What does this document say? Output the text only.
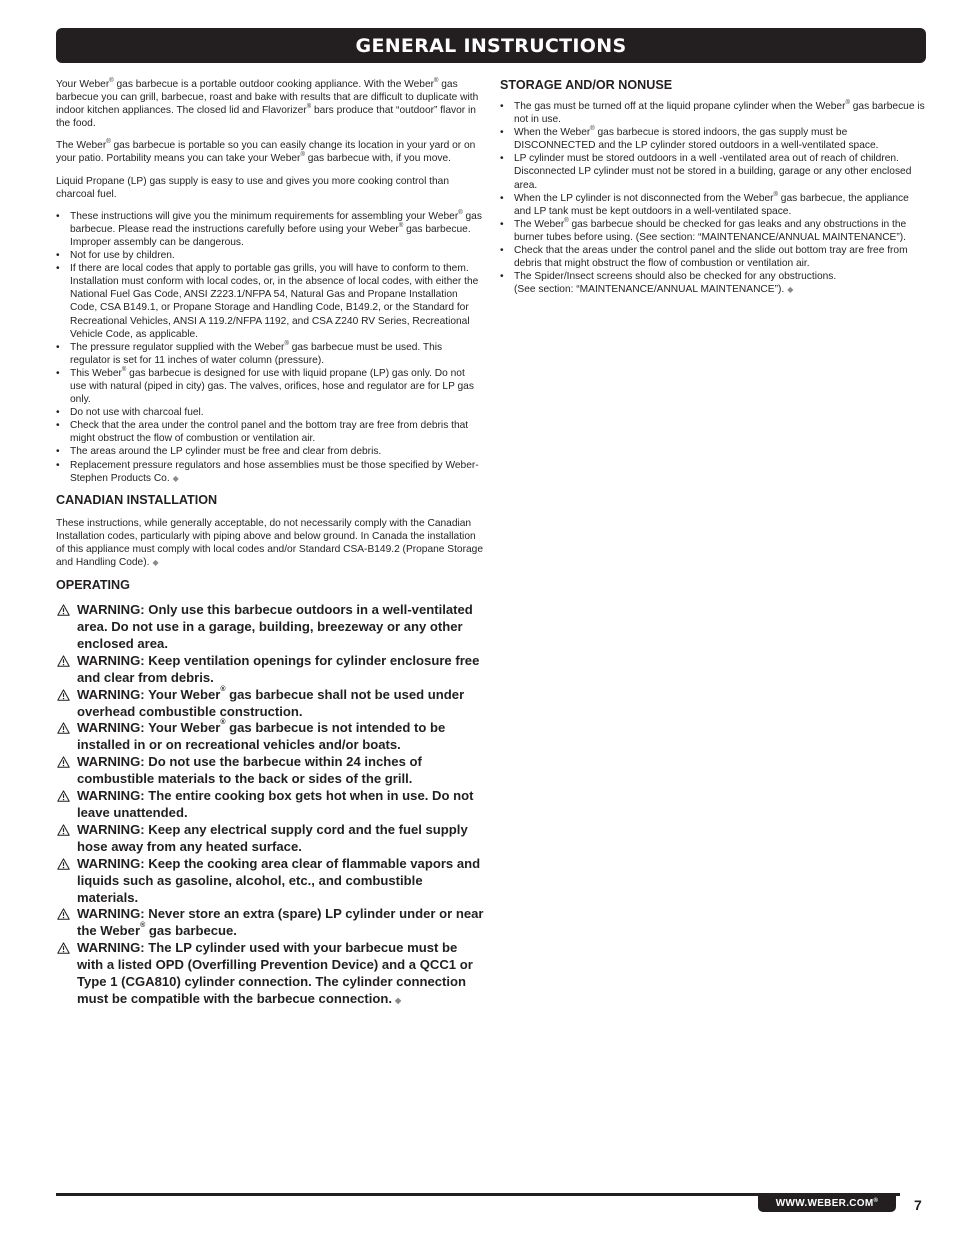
GENERAL INSTRUCTIONS

Your Weber® gas barbecue is a portable outdoor cooking appliance. With the Weber® gas barbecue you can grill, barbecue, roast and bake with results that are difficult to duplicate with indoor kitchen appliances. The closed lid and Flavorizer® bars produce that “outdoor” flavor in the food.

The Weber® gas barbecue is portable so you can easily change its location in your yard or on your patio. Portability means you can take your Weber® gas barbecue with, if you move.

Liquid Propane (LP) gas supply is easy to use and gives you more cooking control than charcoal fuel.

• These instructions will give you the minimum requirements for assembling your Weber® gas barbecue. Please read the instructions carefully before using your Weber® gas barbecue. Improper assembly can be dangerous.
• Not for use by children.
• If there are local codes that apply to portable gas grills, you will have to conform to them. Installation must conform with local codes, or, in the absence of local codes, with either the National Fuel Gas Code, ANSI Z223.1/NFPA 54, Natural Gas and Propane Installation Code, CSA B149.1, or Propane Storage and Handling Code, B149.2, or the Standard for Recreational Vehicles, ANSI A 119.2/NFPA 1192, and CSA Z240 RV Series, Recreational Vehicle Code, as applicable.
• The pressure regulator supplied with the Weber® gas barbecue must be used. This regulator is set for 11 inches of water column (pressure).
• This Weber® gas barbecue is designed for use with liquid propane (LP) gas only. Do not use with natural (piped in city) gas. The valves, orifices, hose and regulator are for LP gas only.
• Do not use with charcoal fuel.
• Check that the area under the control panel and the bottom tray are free from debris that might obstruct the flow of combustion or ventilation air.
• The areas around the LP cylinder must be free and clear from debris.
• Replacement pressure regulators and hose assemblies must be those specified by Weber-Stephen Products Co. ◆
CANADIAN INSTALLATION

These instructions, while generally acceptable, do not necessarily comply with the Canadian Installation codes, particularly with piping above and below ground. In Canada the installation of this appliance must comply with local codes and/or Standard CSA-B149.2 (Propane Storage and Handling Code). ◆

OPERATING
WARNING: Only use this barbecue outdoors in a well-ventilated area. Do not use in a garage, building, breezeway or any other enclosed area.
WARNING: Keep ventilation openings for cylinder enclosure free and clear from debris.
WARNING: Your Weber® gas barbecue shall not be used under overhead combustible construction.
WARNING: Your Weber® gas barbecue is not intended to be installed in or on recreational vehicles and/or boats.
WARNING: Do not use the barbecue within 24 inches of combustible materials to the back or sides of the grill.
WARNING: The entire cooking box gets hot when in use. Do not leave unattended.
WARNING: Keep any electrical supply cord and the fuel supply hose away from any heated surface.
WARNING: Keep the cooking area clear of flammable vapors and liquids such as gasoline, alcohol, etc., and combustible materials.
WARNING: Never store an extra (spare) LP cylinder under or near the Weber® gas barbecue.
WARNING: The LP cylinder used with your barbecue must be with a listed OPD (Overfilling Prevention Device) and a QCC1 or Type 1 (CGA810) cylinder connection. The cylinder connection must be compatible with the barbecue connection. ◆
STORAGE AND/OR NONUSE
• The gas must be turned off at the liquid propane cylinder when the Weber® gas barbecue is not in use.
• When the Weber® gas barbecue is stored indoors, the gas supply must be DISCONNECTED and the LP cylinder stored outdoors in a well-ventilated space.
• LP cylinder must be stored outdoors in a well -ventilated area out of reach of children. Disconnected LP cylinder must not be stored in a building, garage or any other enclosed area.
• When the LP cylinder is not disconnected from the Weber® gas barbecue, the appliance and LP tank must be kept outdoors in a well-ventilated space.
• The Weber® gas barbecue should be checked for gas leaks and any obstructions in the burner tubes before using. (See section: “MAINTENANCE/ANNUAL MAINTENANCE”).
• Check that the areas under the control panel and the slide out bottom tray are free from debris that might obstruct the flow of combustion or ventilation air.
• The Spider/Insect screens should also be checked for any obstructions.
(See section: “MAINTENANCE/ANNUAL MAINTENANCE”). ◆
WWW.WEBER.COM®	7
